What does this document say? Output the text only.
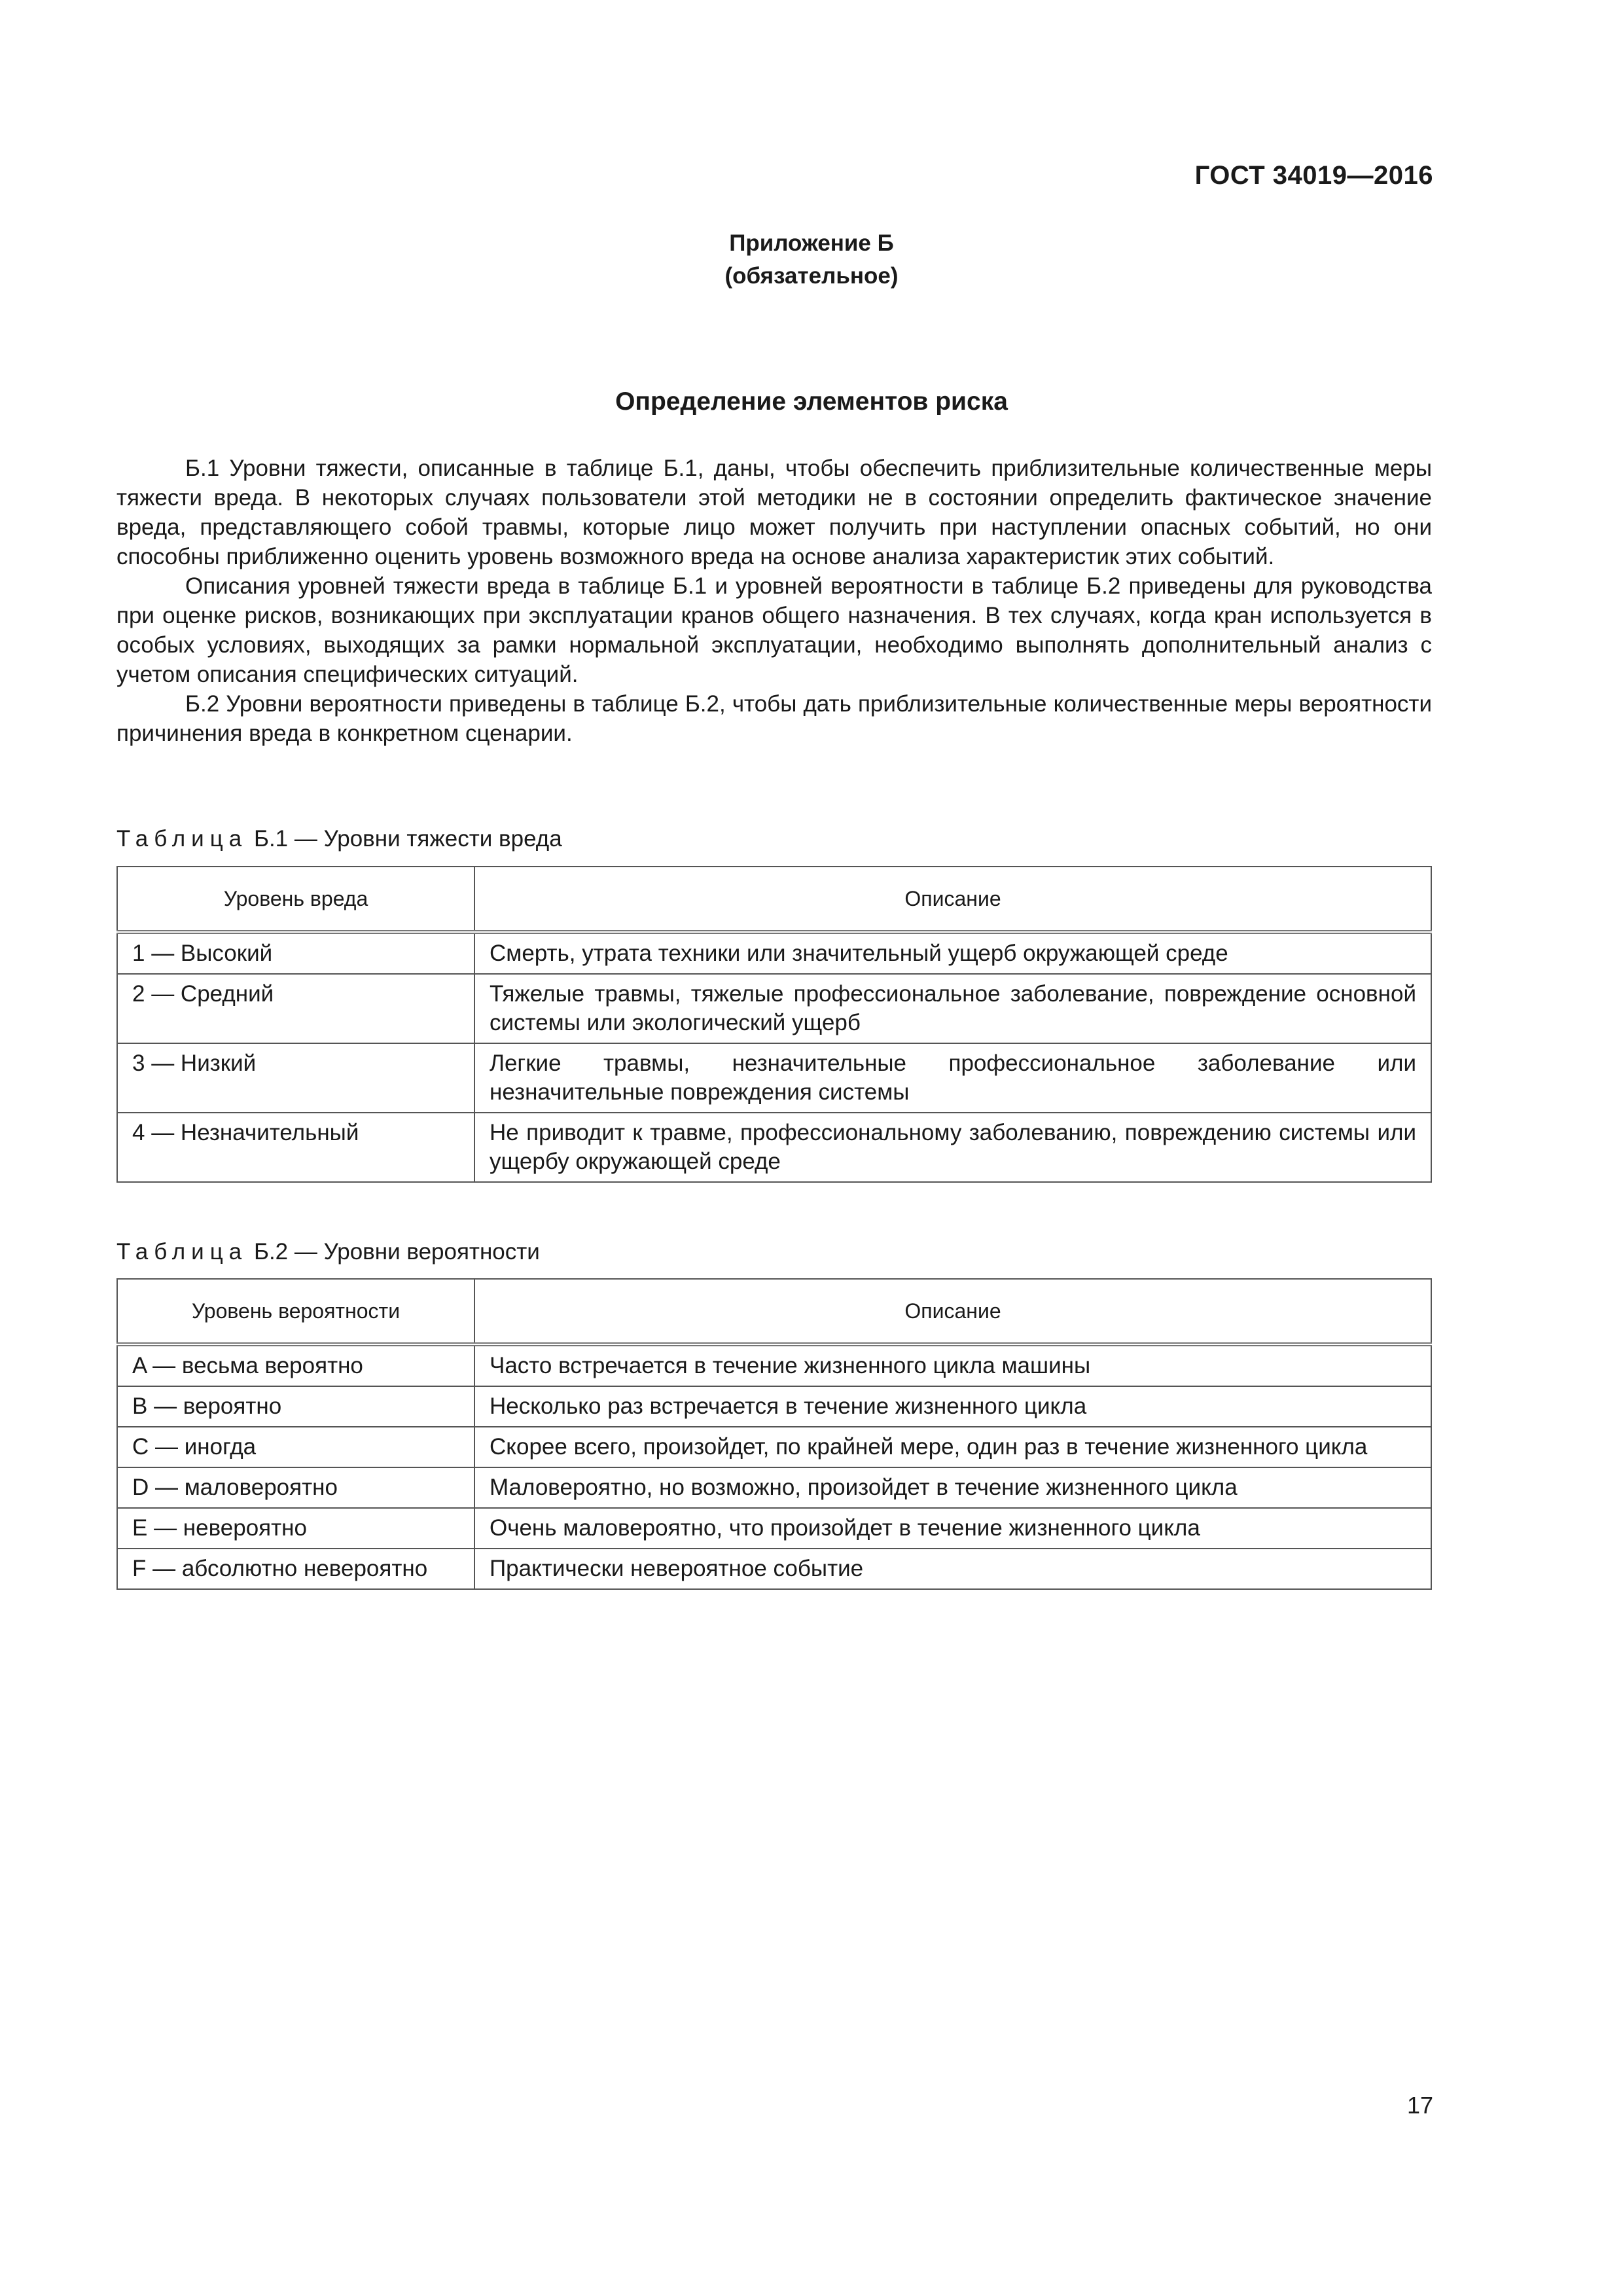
ГОСТ 34019—2016
Приложение Б
(обязательное)
Определение элементов риска

Б.1 Уровни тяжести, описанные в таблице Б.1, даны, чтобы обеспечить приблизительные количественные меры тяжести вреда. В некоторых случаях пользователи этой методики не в состоянии определить фактическое значение вреда, представляющего собой травмы, которые лицо может получить при наступлении опасных событий, но они способны приближенно оценить уровень возможного вреда на основе анализа характеристик этих событий.

Описания уровней тяжести вреда в таблице Б.1 и уровней вероятности в таблице Б.2 приведены для руководства при оценке рисков, возникающих при эксплуатации кранов общего назначения. В тех случаях, когда кран используется в особых условиях, выходящих за рамки нормальной эксплуатации, необходимо выполнять дополнительный анализ с учетом описания специфических ситуаций.

Б.2 Уровни вероятности приведены в таблице Б.2, чтобы дать приблизительные количественные меры вероятности причинения вреда в конкретном сценарии.

Таблица Б.1 — Уровни тяжести вреда
Уровень вреда	Описание
1 — Высокий	Смерть, утрата техники или значительный ущерб окружающей среде
2 — Средний	Тяжелые травмы, тяжелые профессиональное заболевание, повреждение основной системы или экологический ущерб
3 — Низкий	Легкие травмы, незначительные профессиональное заболевание или незначительные повреждения системы
4 — Незначительный	Не приводит к травме, профессиональному заболеванию, повреждению системы или ущербу окружающей среде
Таблица Б.2 — Уровни вероятности
Уровень вероятности	Описание
A — весьма вероятно	Часто встречается в течение жизненного цикла машины
B — вероятно	Несколько раз встречается в течение жизненного цикла
C — иногда	Скорее всего, произойдет, по крайней мере, один раз в течение жизненного цикла
D — маловероятно	Маловероятно, но возможно, произойдет в течение жизненного цикла
E — невероятно	Очень маловероятно, что произойдет в течение жизненного цикла
F — абсолютно невероятно	Практически невероятное событие
17
